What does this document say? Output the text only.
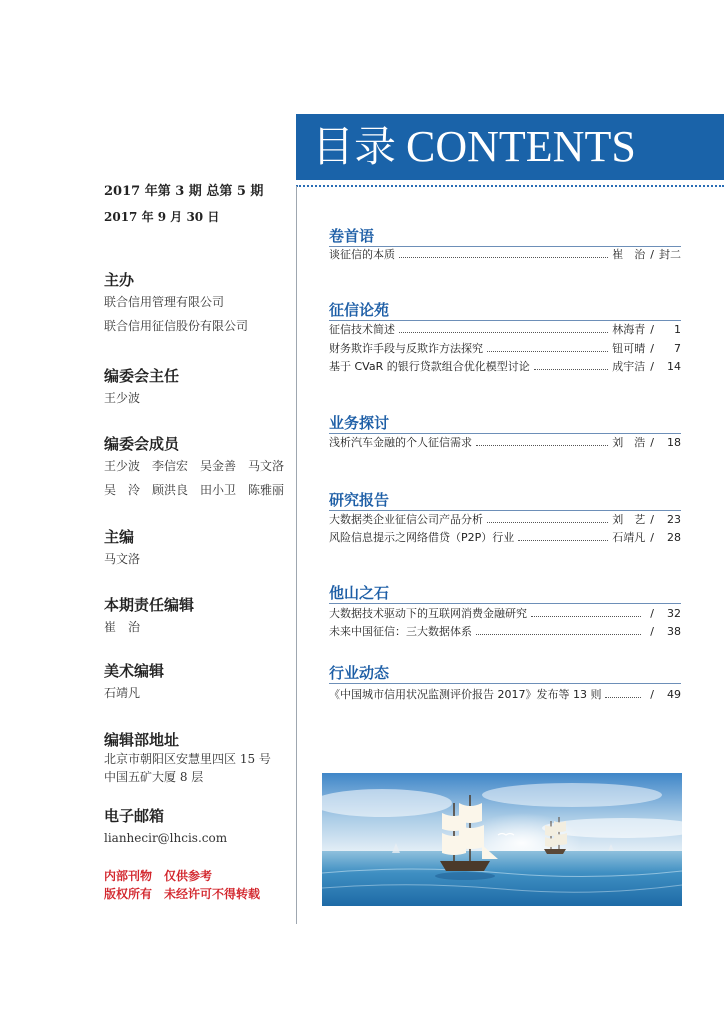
目录 CONTENTS
2017 年第 3 期 总第 5 期
2017 年 9 月 30 日
主办
联合信用管理有限公司
联合信用征信股份有限公司
编委会主任
王少波
编委会成员
王少波　李信宏　吴金善　马文洛
吴　泠　顾洪良　田小卫　陈雅丽
主编
马文洛
本期责任编辑
崔　治
美术编辑
石靖凡
编辑部地址
北京市朝阳区安慧里四区 15 号
中国五矿大厦 8 层
电子邮箱
lianhecir@lhcis.com
内部刊物　仅供参考
版权所有　未经许可不得转载
卷首语
谈征信的本质	崔　治 / 封二
征信论苑
征信技术简述	林海青 /	1
财务欺诈手段与反欺诈方法探究	钮可晴 /	7
基于 CVaR 的银行贷款组合优化模型讨论	成宇洁 /	14
业务探讨
浅析汽车金融的个人征信需求	刘　浩 /	18
研究报告
大数据类企业征信公司产品分析	刘　艺 /	23
风险信息提示之网络借贷（P2P）行业	石靖凡 /	28
他山之石
大数据技术驱动下的互联网消费金融研究	/	32
未来中国征信：三大数据体系	/	38
行业动态
《中国城市信用状况监测评价报告 2017》发布等 13 则	/	49
